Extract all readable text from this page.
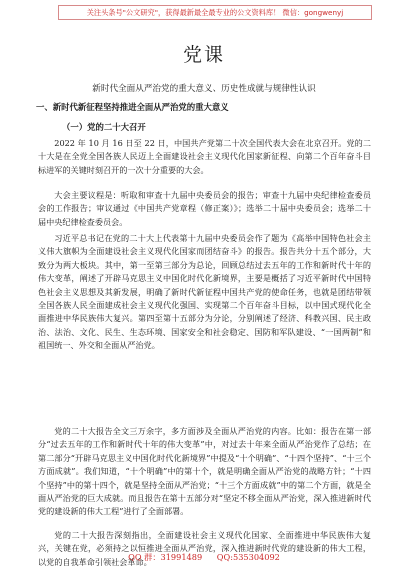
关注头条号"公文研究"，获得最新最全最专业的公文资料库！ 微信：gongwenyj
党课
新时代全面从严治党的重大意义、历史性成就与规律性认识
一、新时代新征程坚持推进全面从严治党的重大意义
（一）党的二十大召开

2022 年 10 月 16 日至 22 日，中国共产党第二十次全国代表大会在北京召开。党的二十大是在全党全国各族人民迈上全面建设社会主义现代化国家新征程、向第二个百年奋斗目标进军的关键时刻召开的一次十分重要的大会。

大会主要议程是：听取和审查十九届中央委员会的报告；审查十九届中央纪律检查委员会的工作报告；审议通过《中国共产党章程（修正案）》；选举二十届中央委员会；选举二十届中央纪律检查委员会。

习近平总书记在党的二十大上代表第十九届中央委员会作了题为《高举中国特色社会主义伟大旗帜为全面建设社会主义现代化国家而团结奋斗》的报告。报告共分十五个部分，大致分为两大板块。其中，第一至第三部分为总论，回顾总结过去五年的工作和新时代十年的伟大变革，阐述了开辟马克思主义中国化时代化新境界，主要是概括了习近平新时代中国特色社会主义思想及其新发展，明确了新时代新征程中国共产党的使命任务，也就是团结带领全国各族人民全面建成社会主义现代化强国、实现第二个百年奋斗目标，以中国式现代化全面推进中华民族伟大复兴。第四至第十五部分为分论，分别阐述了经济、科教兴国、民主政治、法治、文化、民生、生态环境、国家安全和社会稳定、国防和军队建设、“一国两制”和祖国统一、外交和全面从严治党。

党的二十大报告全文三万余字，多方面涉及全面从严治党的内容。比如：报告在第一部分“过去五年的工作和新时代十年的伟大变革”中，对过去十年来全面从严治党作了总结；在第二部分“开辟马克思主义中国化时代化新境界”中提及“十个明确”、“十四个坚持”、“十三个方面成就”。我们知道，“十个明确”中的第十个，就是明确全面从严治党的战略方针；“十四个坚持”中的第十四个，就是坚持全面从严治党；“十三个方面成就”中的第二个方面，就是全面从严治党的巨大成就。而且报告在第十五部分对“坚定不移全面从严治党，深入推进新时代党的建设新的伟大工程”进行了全面部署。

党的二十大报告深刻指出，全面建设社会主义现代化国家、全面推进中华民族伟大复兴，关键在党，必须持之以恒推进全面从严治党，深入推进新时代党的建设新的伟大工程，以党的自我革命引领社会革命。

QQ 群：31991489 QQ:535304092
